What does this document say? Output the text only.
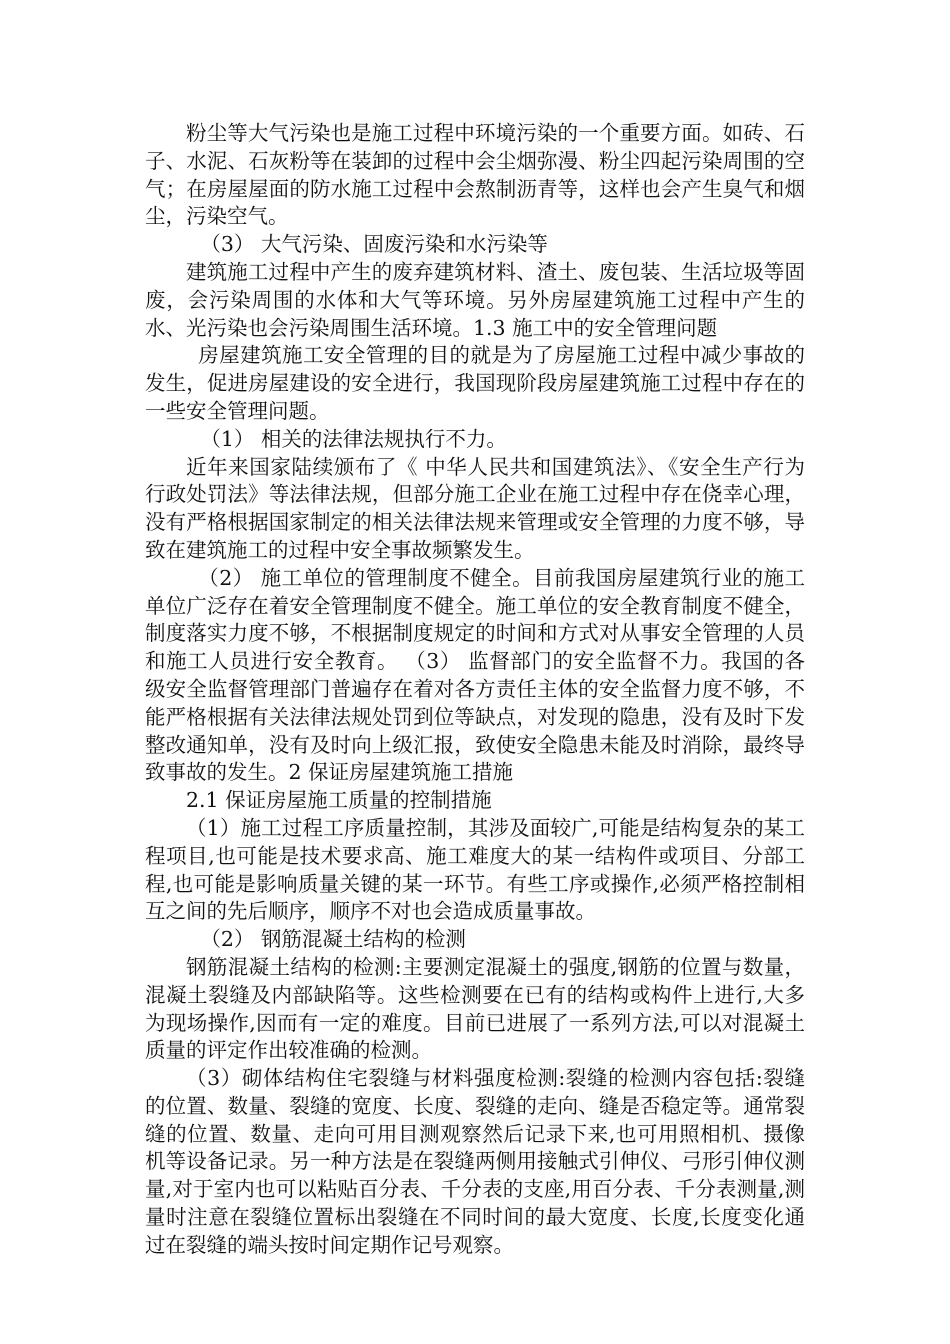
粉尘等大气污染也是施工过程中环境污染的一个重要方面。如砖、石子、水泥、石灰粉等在装卸的过程中会尘烟弥漫、粉尘四起污染周围的空气；在房屋屋面的防水施工过程中会熬制沥青等，这样也会产生臭气和烟尘，污染空气。

（3） 大气污染、固废污染和水污染等

建筑施工过程中产生的废弃建筑材料、渣土、废包装、生活垃圾等固废，会污染周围的水体和大气等环境。另外房屋建筑施工过程中产生的水、光污染也会污染周围生活环境。1.3 施工中的安全管理问题

房屋建筑施工安全管理的目的就是为了房屋施工过程中减少事故的发生，促进房屋建设的安全进行，我国现阶段房屋建筑施工过程中存在的一些安全管理问题。

（1） 相关的法律法规执行不力。

近年来国家陆续颁布了《 中华人民共和国建筑法》、《安全生产行为行政处罚法》等法律法规，但部分施工企业在施工过程中存在侥幸心理，没有严格根据国家制定的相关法律法规来管理或安全管理的力度不够，导致在建筑施工的过程中安全事故频繁发生。

（2） 施工单位的管理制度不健全。目前我国房屋建筑行业的施工单位广泛存在着安全管理制度不健全。施工单位的安全教育制度不健全，制度落实力度不够，不根据制度规定的时间和方式对从事安全管理的人员和施工人员进行安全教育。 （3） 监督部门的安全监督不力。我国的各级安全监督管理部门普遍存在着对各方责任主体的安全监督力度不够，不能严格根据有关法律法规处罚到位等缺点，对发现的隐患，没有及时下发整改通知单，没有及时向上级汇报，致使安全隐患未能及时消除，最终导致事故的发生。2 保证房屋建筑施工措施

2.1 保证房屋施工质量的控制措施

（1）施工过程工序质量控制，其涉及面较广,可能是结构复杂的某工程项目,也可能是技术要求高、施工难度大的某一结构件或项目、分部工程,也可能是影响质量关键的某一环节。有些工序或操作,必须严格控制相互之间的先后顺序，顺序不对也会造成质量事故。

（2） 钢筋混凝土结构的检测

钢筋混凝土结构的检测:主要测定混凝土的强度,钢筋的位置与数量，混凝土裂缝及内部缺陷等。这些检测要在已有的结构或构件上进行,大多为现场操作,因而有一定的难度。目前已进展了一系列方法,可以对混凝土质量的评定作出较准确的检测。

（3）砌体结构住宅裂缝与材料强度检测:裂缝的检测内容包括:裂缝的位置、数量、裂缝的宽度、长度、裂缝的走向、缝是否稳定等。通常裂缝的位置、数量、走向可用目测观察然后记录下来,也可用照相机、摄像机等设备记录。另一种方法是在裂缝两侧用接触式引伸仪、弓形引伸仪测量,对于室内也可以粘贴百分表、千分表的支座,用百分表、千分表测量,测量时注意在裂缝位置标出裂缝在不同时间的最大宽度、长度,长度变化通过在裂缝的端头按时间定期作记号观察。
